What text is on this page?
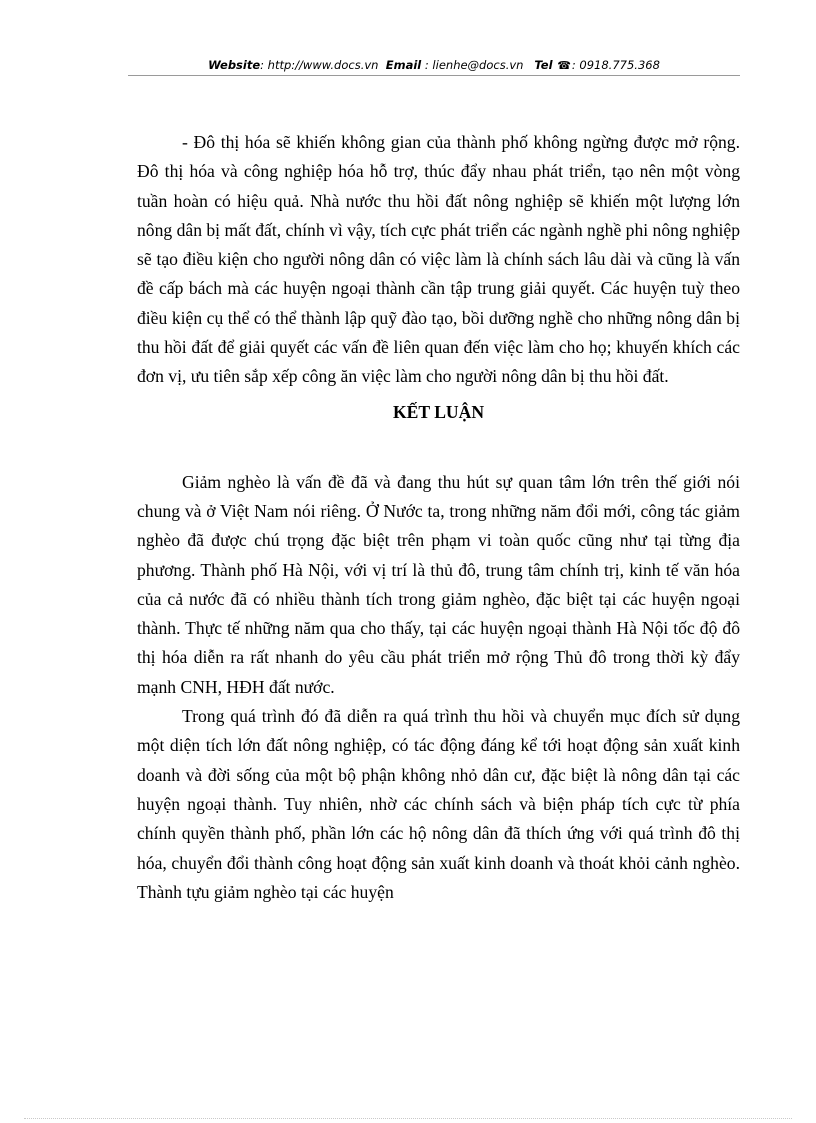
Website: http://www.docs.vn Email : lienhe@docs.vn Tel ☎: 0918.775.368

- Đô thị hóa sẽ khiến không gian của thành phố không ngừng được mở rộng. Đô thị hóa và công nghiệp hóa hỗ trợ, thúc đẩy nhau phát triển, tạo nên một vòng tuần hoàn có hiệu quả. Nhà nước thu hồi đất nông nghiệp sẽ khiến một lượng lớn nông dân bị mất đất, chính vì vậy, tích cực phát triển các ngành nghề phi nông nghiệp sẽ tạo điều kiện cho người nông dân có việc làm là chính sách lâu dài và cũng là vấn đề cấp bách mà các huyện ngoại thành cần tập trung giải quyết. Các huyện tuỳ theo điều kiện cụ thể có thể thành lập quỹ đào tạo, bồi dưỡng nghề cho những nông dân bị thu hồi đất để giải quyết các vấn đề liên quan đến việc làm cho họ; khuyến khích các đơn vị, ưu tiên sắp xếp công ăn việc làm cho người nông dân bị thu hồi đất.

KẾT LUẬN

Giảm nghèo là vấn đề đã và đang thu hút sự quan tâm lớn trên thế giới nói chung và ở Việt Nam nói riêng. Ở Nước ta, trong những năm đổi mới, công tác giảm nghèo đã được chú trọng đặc biệt trên phạm vi toàn quốc cũng như tại từng địa phương. Thành phố Hà Nội, với vị trí là thủ đô, trung tâm chính trị, kinh tế văn hóa của cả nước đã có nhiều thành tích trong giảm nghèo, đặc biệt tại các huyện ngoại thành. Thực tế những năm qua cho thấy, tại các huyện ngoại thành Hà Nội tốc độ đô thị hóa diễn ra rất nhanh do yêu cầu phát triển mở rộng Thủ đô trong thời kỳ đẩy mạnh CNH, HĐH đất nước.

Trong quá trình đó đã diễn ra quá trình thu hồi và chuyển mục đích sử dụng một diện tích lớn đất nông nghiệp, có tác động đáng kể tới hoạt động sản xuất kinh doanh và đời sống của một bộ phận không nhỏ dân cư, đặc biệt là nông dân tại các huyện ngoại thành. Tuy nhiên, nhờ các chính sách và biện pháp tích cực từ phía chính quyền thành phố, phần lớn các hộ nông dân đã thích ứng với quá trình đô thị hóa, chuyển đổi thành công hoạt động sản xuất kinh doanh và thoát khỏi cảnh nghèo. Thành tựu giảm nghèo tại các huyện
